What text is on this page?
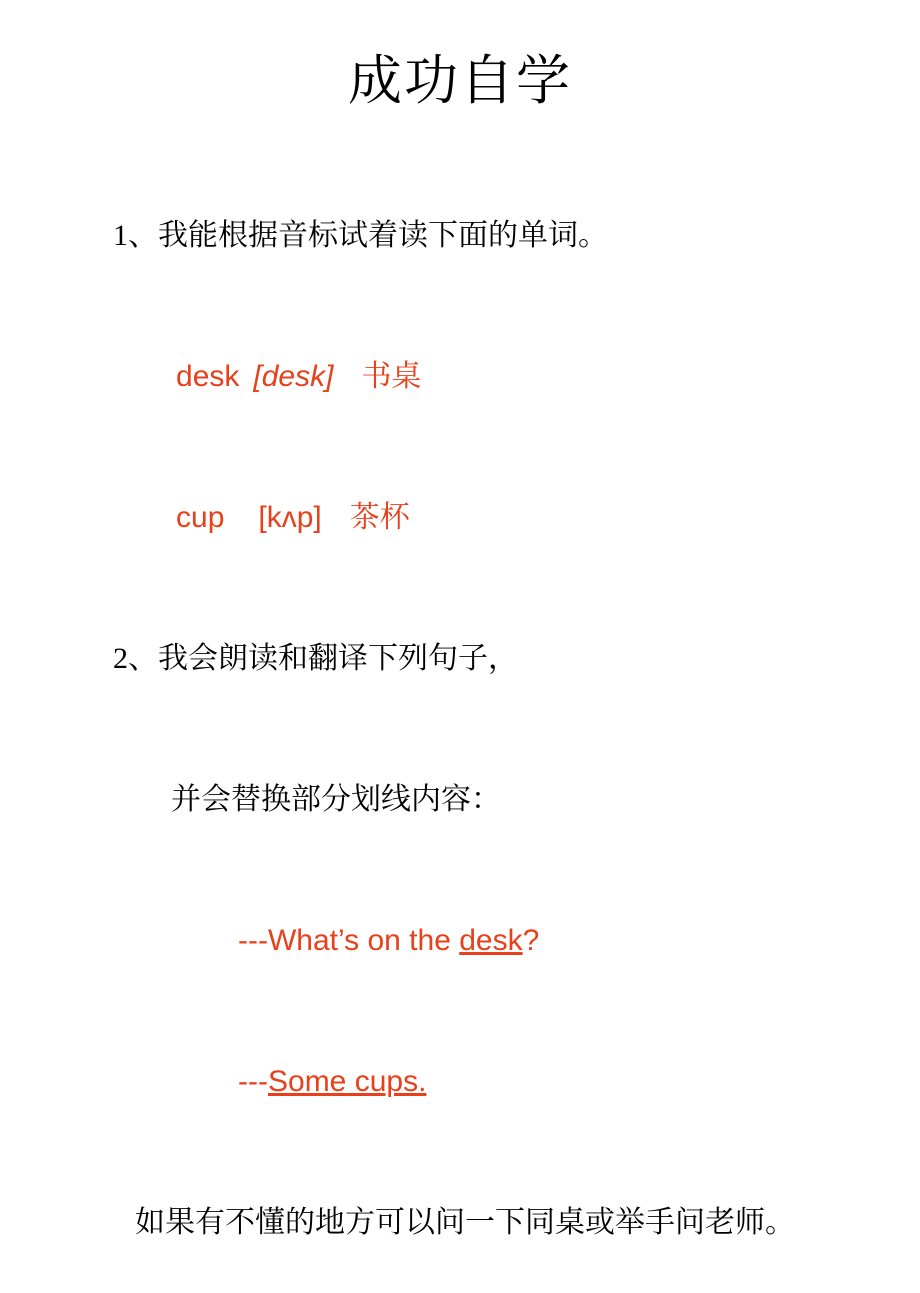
成功自学

1、我能根据音标试着读下面的单词。

desk [desk] 书桌

cup [kʌp] 茶杯

2、我会朗读和翻译下列句子，

并会替换部分划线内容：

---What’s on the desk?

---Some cups.

如果有不懂的地方可以问一下同桌或举手问老师。
